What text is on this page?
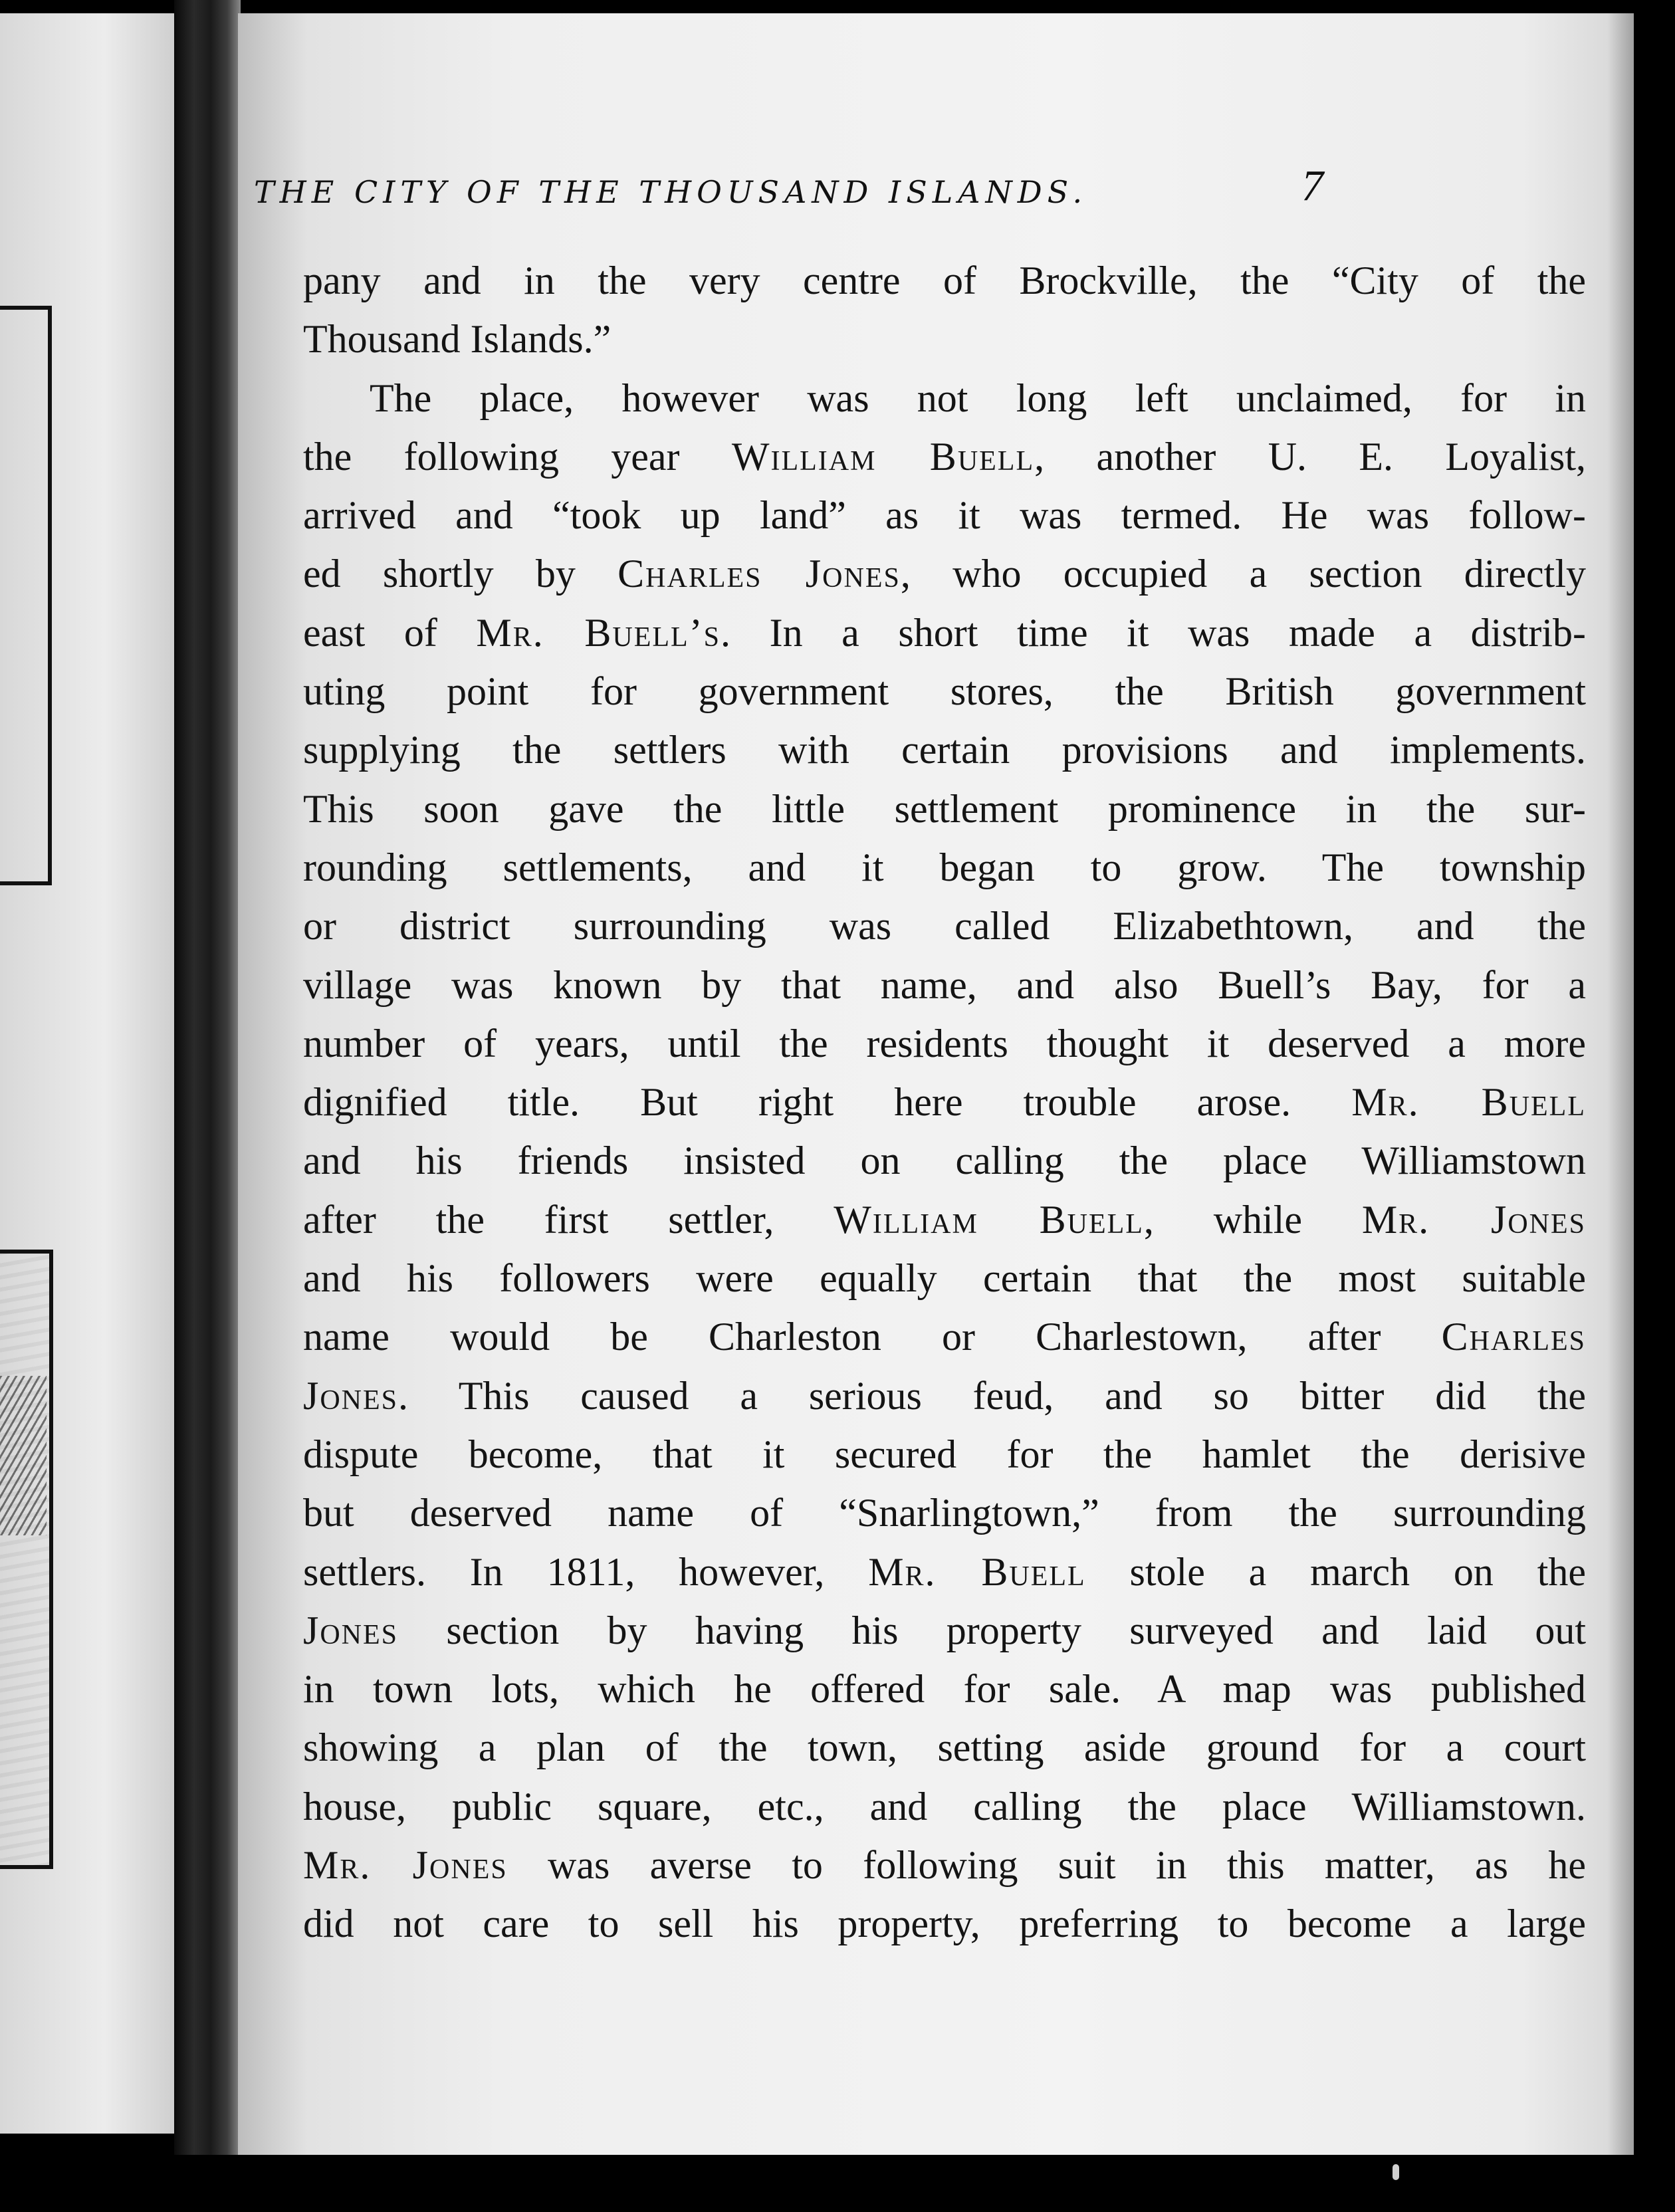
THE CITY OF THE THOUSAND ISLANDS.	7
pany and in the very centre of Brockville, the “City of the
Thousand Islands.”
The place, however was not long left unclaimed, for in
the following year William Buell, another U. E. Loyalist,
arrived and “took up land” as it was termed. He was follow-
ed shortly by Charles Jones, who occupied a section directly
east of Mr. Buell’s. In a short time it was made a distrib-
uting point for government stores, the British government
supplying the settlers with certain provisions and implements.
This soon gave the little settlement prominence in the sur-
rounding settlements, and it began to grow. The township
or district surrounding was called Elizabethtown, and the
village was known by that name, and also Buell’s Bay, for a
number of years, until the residents thought it deserved a more
dignified title. But right here trouble arose. Mr. Buell
and his friends insisted on calling the place Williamstown
after the first settler, William Buell, while Mr. Jones
and his followers were equally certain that the most suitable
name would be Charleston or Charlestown, after Charles
Jones. This caused a serious feud, and so bitter did the
dispute become, that it secured for the hamlet the derisive
but deserved name of “Snarlingtown,” from the surrounding
settlers. In 1811, however, Mr. Buell stole a march on the
Jones section by having his property surveyed and laid out
in town lots, which he offered for sale. A map was published
showing a plan of the town, setting aside ground for a court
house, public square, etc., and calling the place Williamstown.
Mr. Jones was averse to following suit in this matter, as he
did not care to sell his property, preferring to become a large
